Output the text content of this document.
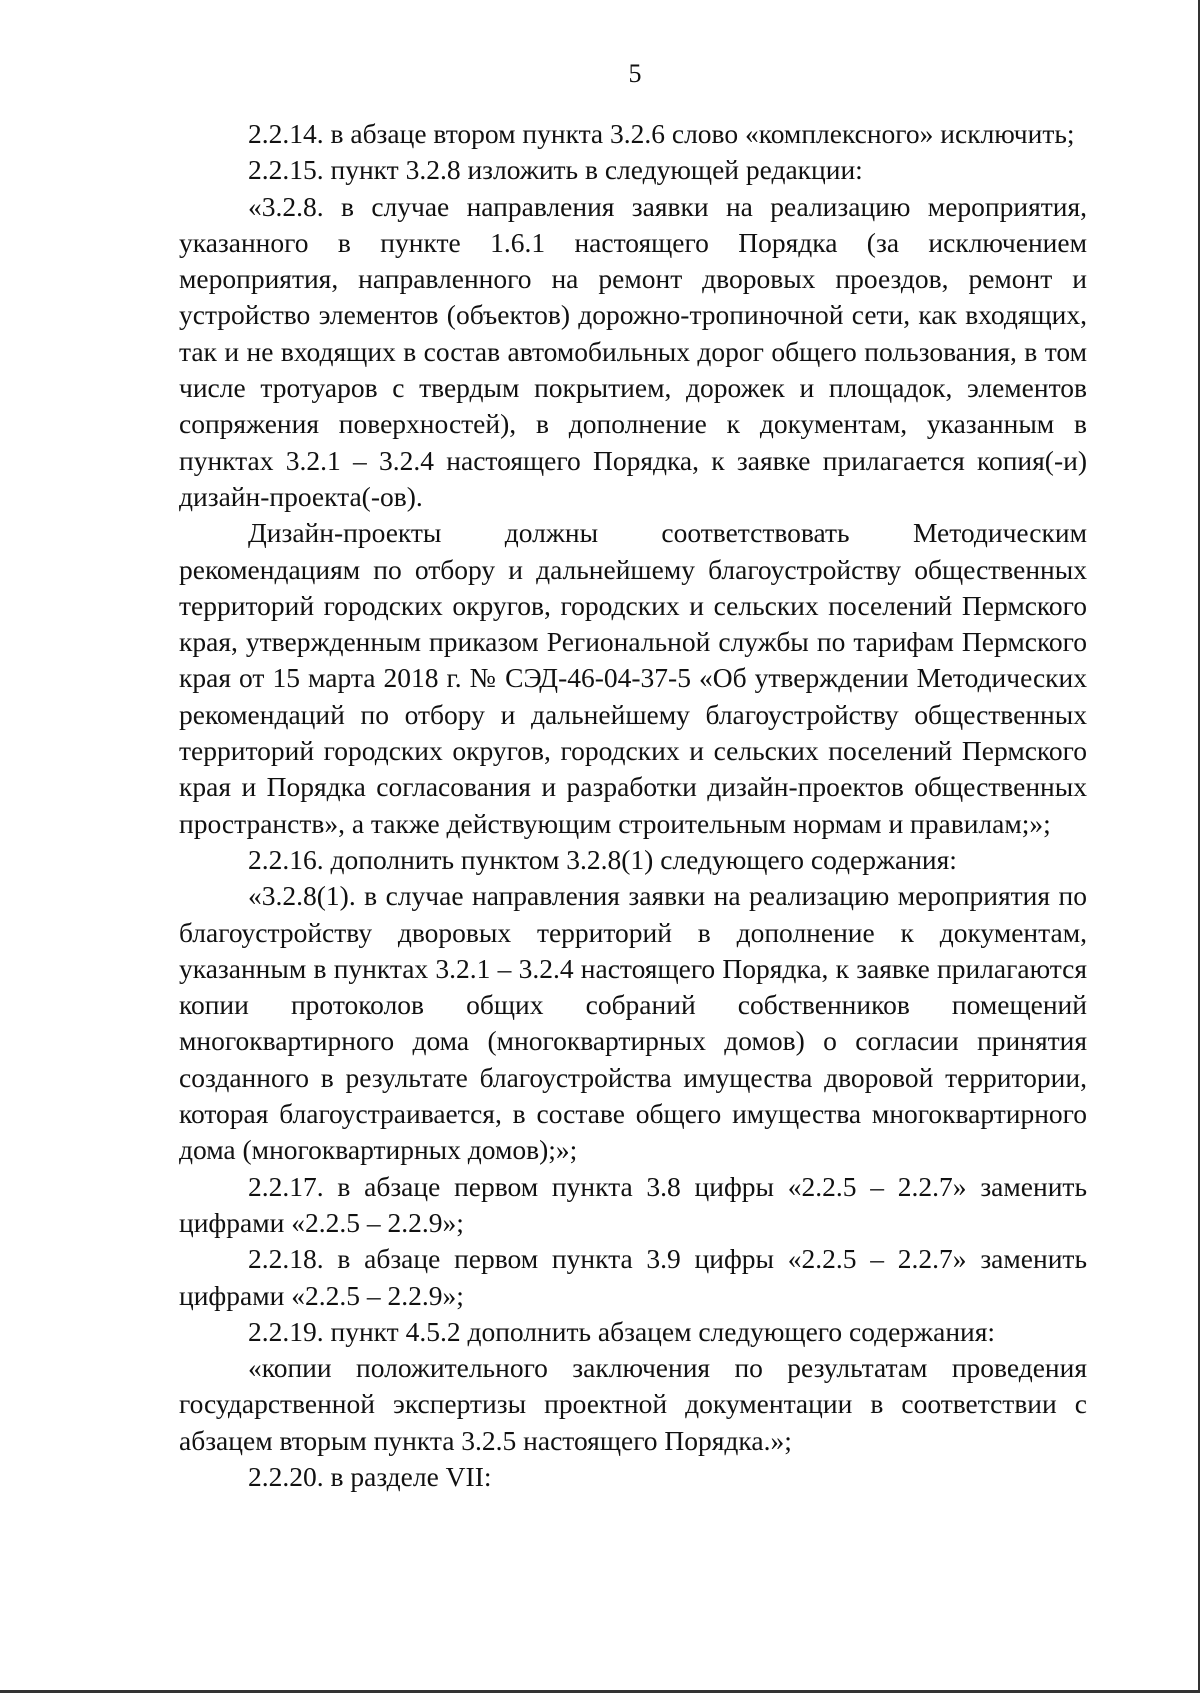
5

2.2.14. в абзаце втором пункта 3.2.6 слово «комплексного» исключить;

2.2.15. пункт 3.2.8 изложить в следующей редакции:

«3.2.8. в случае направления заявки на реализацию мероприятия, указанного в пункте 1.6.1 настоящего Порядка (за исключением мероприятия, направленного на ремонт дворовых проездов, ремонт и устройство элементов (объектов) дорожно-тропиночной сети, как входящих, так и не входящих в состав автомобильных дорог общего пользования, в том числе тротуаров с твердым покрытием, дорожек и площадок, элементов сопряжения поверхностей), в дополнение к документам, указанным в пунктах 3.2.1 – 3.2.4 настоящего Порядка, к заявке прилагается копия(-и) дизайн-проекта(-ов).

Дизайн-проекты должны соответствовать Методическим рекомендациям по отбору и дальнейшему благоустройству общественных территорий городских округов, городских и сельских поселений Пермского края, утвержденным приказом Региональной службы по тарифам Пермского края от 15 марта 2018 г. № СЭД-46-04-37-5 «Об утверждении Методических рекомендаций по отбору и дальнейшему благоустройству общественных территорий городских округов, городских и сельских поселений Пермского края и Порядка согласования и разработки дизайн-проектов общественных пространств», а также действующим строительным нормам и правилам;»;

2.2.16. дополнить пунктом 3.2.8(1) следующего содержания:

«3.2.8(1). в случае направления заявки на реализацию мероприятия по благоустройству дворовых территорий в дополнение к документам, указанным в пунктах 3.2.1 – 3.2.4 настоящего Порядка, к заявке прилагаются копии протоколов общих собраний собственников помещений многоквартирного дома (многоквартирных домов) о согласии принятия созданного в результате благоустройства имущества дворовой территории, которая благоустраивается, в составе общего имущества многоквартирного дома (многоквартирных домов);»;

2.2.17. в абзаце первом пункта 3.8 цифры «2.2.5 – 2.2.7» заменить цифрами «2.2.5 – 2.2.9»;

2.2.18. в абзаце первом пункта 3.9 цифры «2.2.5 – 2.2.7» заменить цифрами «2.2.5 – 2.2.9»;

2.2.19. пункт 4.5.2 дополнить абзацем следующего содержания:

«копии положительного заключения по результатам проведения государственной экспертизы проектной документации в соответствии с абзацем вторым пункта 3.2.5 настоящего Порядка.»;

2.2.20. в разделе VII:
